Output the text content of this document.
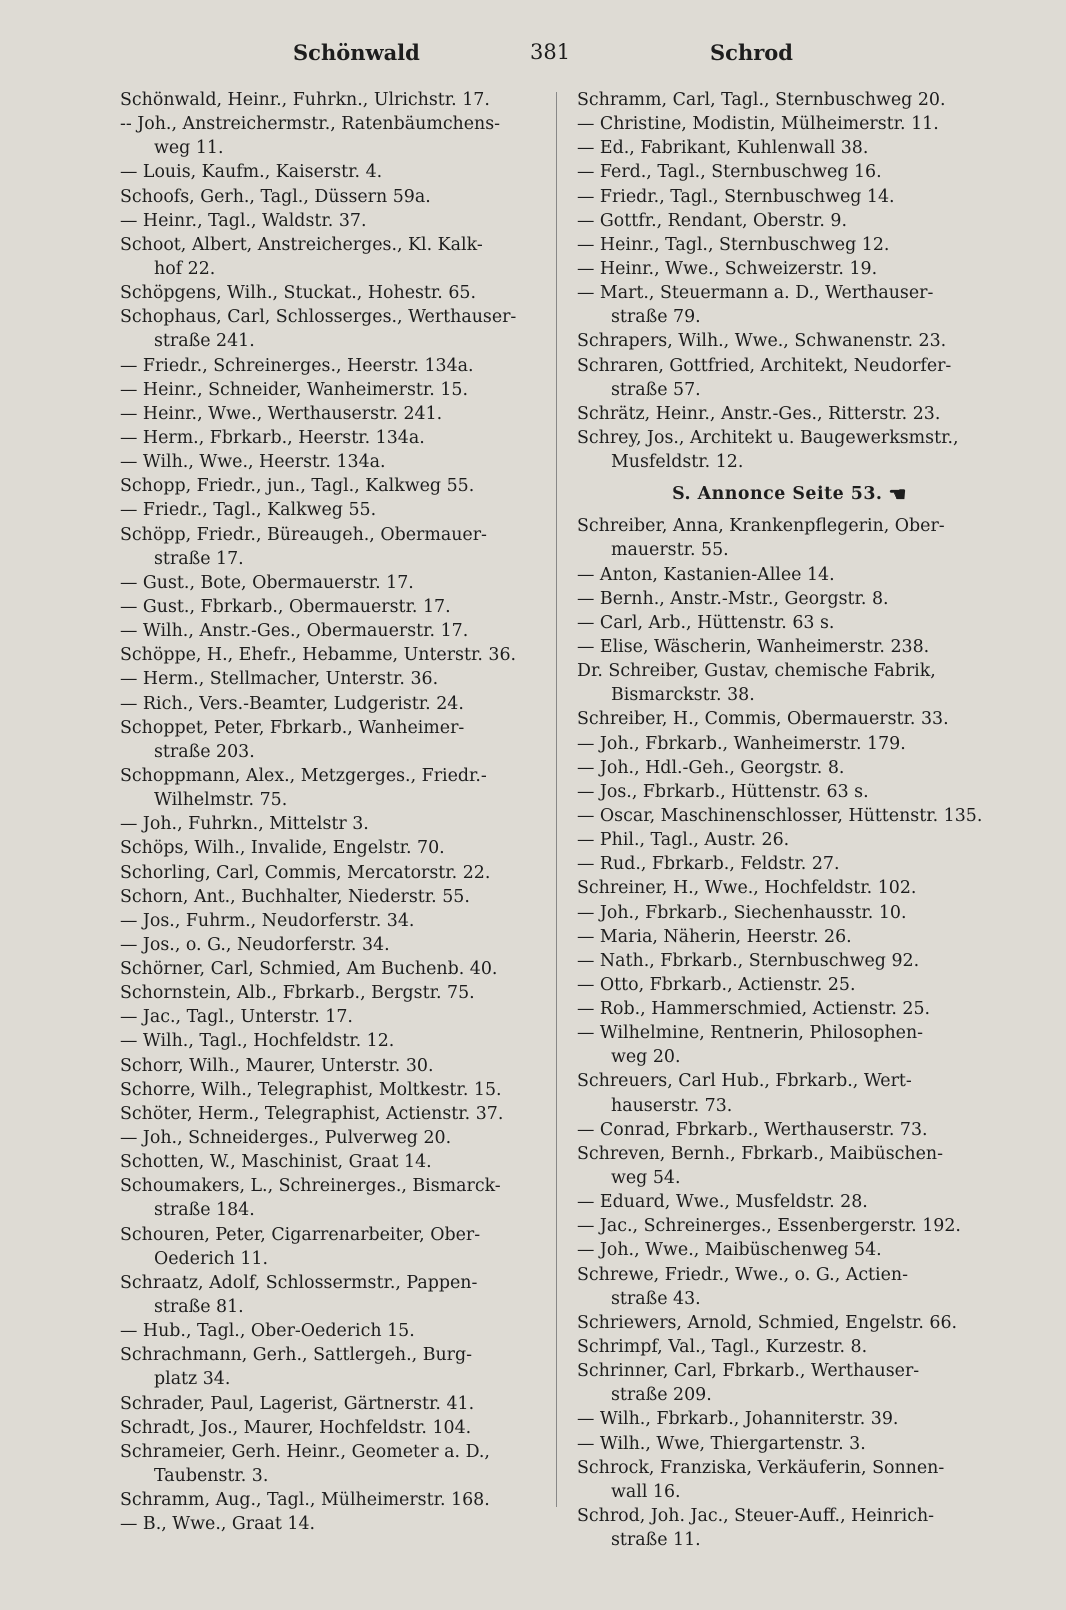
Schönwald	381	Schrod
Schönwald, Heinr., Fuhrkn., Ulrichstr. 17.
-- Joh., Anstreichermstr., Ratenbäumchens-
weg 11.
— Louis, Kaufm., Kaiserstr. 4.
Schoofs, Gerh., Tagl., Düssern 59a.
— Heinr., Tagl., Waldstr. 37.
Schoot, Albert, Anstreicherges., Kl. Kalk-
hof 22.
Schöpgens, Wilh., Stuckat., Hohestr. 65.
Schophaus, Carl, Schlosserges., Werthauser-
straße 241.
— Friedr., Schreinerges., Heerstr. 134a.
— Heinr., Schneider, Wanheimerstr. 15.
— Heinr., Wwe., Werthauserstr. 241.
— Herm., Fbrkarb., Heerstr. 134a.
— Wilh., Wwe., Heerstr. 134a.
Schopp, Friedr., jun., Tagl., Kalkweg 55.
— Friedr., Tagl., Kalkweg 55.
Schöpp, Friedr., Büreaugeh., Obermauer-
straße 17.
— Gust., Bote, Obermauerstr. 17.
— Gust., Fbrkarb., Obermauerstr. 17.
— Wilh., Anstr.-Ges., Obermauerstr. 17.
Schöppe, H., Ehefr., Hebamme, Unterstr. 36.
— Herm., Stellmacher, Unterstr. 36.
— Rich., Vers.-Beamter, Ludgeristr. 24.
Schoppet, Peter, Fbrkarb., Wanheimer-
straße 203.
Schoppmann, Alex., Metzgerges., Friedr.-
Wilhelmstr. 75.
— Joh., Fuhrkn., Mittelstr 3.
Schöps, Wilh., Invalide, Engelstr. 70.
Schorling, Carl, Commis, Mercatorstr. 22.
Schorn, Ant., Buchhalter, Niederstr. 55.
— Jos., Fuhrm., Neudorferstr. 34.
— Jos., o. G., Neudorferstr. 34.
Schörner, Carl, Schmied, Am Buchenb. 40.
Schornstein, Alb., Fbrkarb., Bergstr. 75.
— Jac., Tagl., Unterstr. 17.
— Wilh., Tagl., Hochfeldstr. 12.
Schorr, Wilh., Maurer, Unterstr. 30.
Schorre, Wilh., Telegraphist, Moltkestr. 15.
Schöter, Herm., Telegraphist, Actienstr. 37.
— Joh., Schneiderges., Pulverweg 20.
Schotten, W., Maschinist, Graat 14.
Schoumakers, L., Schreinerges., Bismarck-
straße 184.
Schouren, Peter, Cigarrenarbeiter, Ober-
Oederich 11.
Schraatz, Adolf, Schlossermstr., Pappen-
straße 81.
— Hub., Tagl., Ober-Oederich 15.
Schrachmann, Gerh., Sattlergeh., Burg-
platz 34.
Schrader, Paul, Lagerist, Gärtnerstr. 41.
Schradt, Jos., Maurer, Hochfeldstr. 104.
Schrameier, Gerh. Heinr., Geometer a. D.,
Taubenstr. 3.
Schramm, Aug., Tagl., Mülheimerstr. 168.
— B., Wwe., Graat 14.
Schramm, Carl, Tagl., Sternbuschweg 20.
— Christine, Modistin, Mülheimerstr. 11.
— Ed., Fabrikant, Kuhlenwall 38.
— Ferd., Tagl., Sternbuschweg 16.
— Friedr., Tagl., Sternbuschweg 14.
— Gottfr., Rendant, Oberstr. 9.
— Heinr., Tagl., Sternbuschweg 12.
— Heinr., Wwe., Schweizerstr. 19.
— Mart., Steuermann a. D., Werthauser-
straße 79.
Schrapers, Wilh., Wwe., Schwanenstr. 23.
Schraren, Gottfried, Architekt, Neudorfer-
straße 57.
Schrätz, Heinr., Anstr.-Ges., Ritterstr. 23.
Schrey, Jos., Architekt u. Baugewerksmstr.,
Musfeldstr. 12.
S. Annonce Seite 53. ☚
Schreiber, Anna, Krankenpflegerin, Ober-
mauerstr. 55.
— Anton, Kastanien-Allee 14.
— Bernh., Anstr.-Mstr., Georgstr. 8.
— Carl, Arb., Hüttenstr. 63 s.
— Elise, Wäscherin, Wanheimerstr. 238.
Dr. Schreiber, Gustav, chemische Fabrik,
Bismarckstr. 38.
Schreiber, H., Commis, Obermauerstr. 33.
— Joh., Fbrkarb., Wanheimerstr. 179.
— Joh., Hdl.-Geh., Georgstr. 8.
— Jos., Fbrkarb., Hüttenstr. 63 s.
— Oscar, Maschinenschlosser, Hüttenstr. 135.
— Phil., Tagl., Austr. 26.
— Rud., Fbrkarb., Feldstr. 27.
Schreiner, H., Wwe., Hochfeldstr. 102.
— Joh., Fbrkarb., Siechenhausstr. 10.
— Maria, Näherin, Heerstr. 26.
— Nath., Fbrkarb., Sternbuschweg 92.
— Otto, Fbrkarb., Actienstr. 25.
— Rob., Hammerschmied, Actienstr. 25.
— Wilhelmine, Rentnerin, Philosophen-
weg 20.
Schreuers, Carl Hub., Fbrkarb., Wert-
hauserstr. 73.
— Conrad, Fbrkarb., Werthauserstr. 73.
Schreven, Bernh., Fbrkarb., Maibüschen-
weg 54.
— Eduard, Wwe., Musfeldstr. 28.
— Jac., Schreinerges., Essenbergerstr. 192.
— Joh., Wwe., Maibüschenweg 54.
Schrewe, Friedr., Wwe., o. G., Actien-
straße 43.
Schriewers, Arnold, Schmied, Engelstr. 66.
Schrimpf, Val., Tagl., Kurzestr. 8.
Schrinner, Carl, Fbrkarb., Werthauser-
straße 209.
— Wilh., Fbrkarb., Johanniterstr. 39.
— Wilh., Wwe, Thiergartenstr. 3.
Schrock, Franziska, Verkäuferin, Sonnen-
wall 16.
Schrod, Joh. Jac., Steuer-Auff., Heinrich-
straße 11.
